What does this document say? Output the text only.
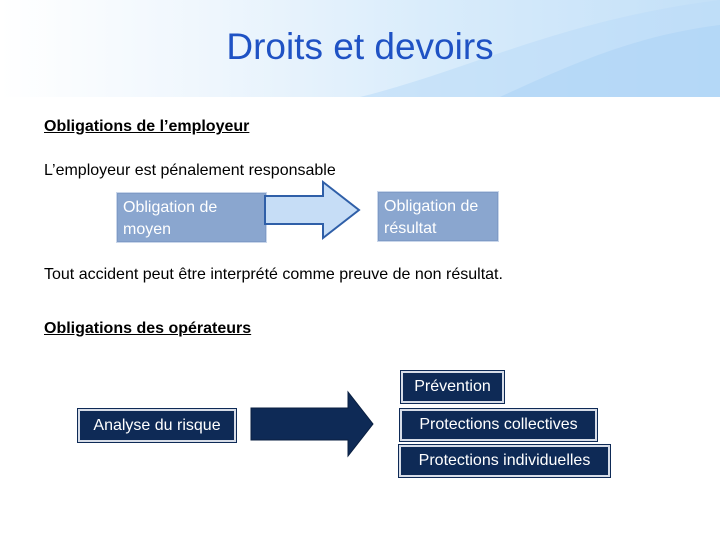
Droits et devoirs
Obligations de l’employeur
L’employeur est pénalement responsable
Obligation de moyen
Obligation de résultat
Tout accident peut être interprété comme preuve de non résultat.
Obligations des opérateurs
Analyse du risque
Prévention
Protections collectives
Protections individuelles
